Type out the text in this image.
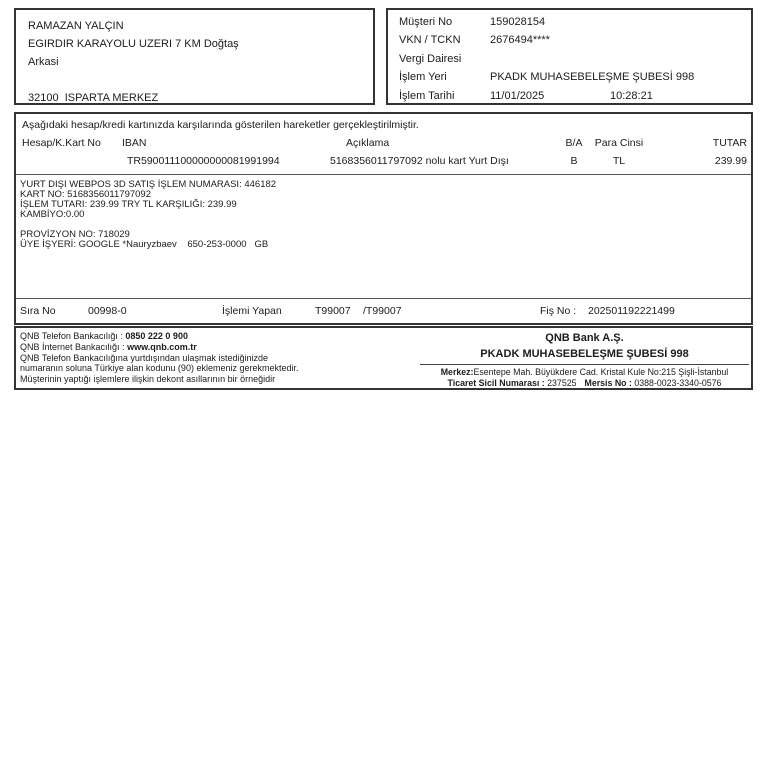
RAMAZAN YALÇIN
EGIRDIR KARAYOLU UZERI 7 KM Doğtaş
Arkasi
32100  ISPARTA MERKEZ
Müşteri No	159028154
VKN / TCKN	2676494****
Vergi Dairesi
İşlem Yeri	PKADK MUHASEBELEŞME ŞUBESİ 998
İşlem Tarihi	11/01/2025	10:28:21
Aşağıdaki hesap/kredi kartınızda karşılarında gösterilen hareketler gerçekleştirilmiştir.
Hesap/K.Kart No IBAN	Açıklama	B/A	Para Cinsi	TUTAR
TR590011100000000081991994	5168356011797092 nolu kart Yurt Dışı	B	TL	239.99
YURT DIŞI WEBPOS 3D SATIŞ İŞLEM NUMARASI: 446182
KART NO: 5168356011797092
İŞLEM TUTARI: 239.99 TRY TL KARŞILIĞI: 239.99
KAMBİYO:0.00
PROVİZYON NO: 718029
ÜYE İŞYERİ: GOOGLE *Nauryzbaev    650-253-0000   GB
Sıra No	00998-0	İşlemi Yapan	T99007 /T99007	Fiş No : 202501192221499
QNB Telefon Bankacılığı : 0850 222 0 900
QNB İnternet Bankacılığı : www.qnb.com.tr
QNB Telefon Bankacılığına yurtdışından ulaşmak istediğinizde
numaranın soluna Türkiye alan kodunu (90) eklemeniz gerekmektedir.
Müşterinin yaptığı işlemlere ilişkin dekont asıllarının bir örneğidir
QNB Bank A.Ş.
PKADK MUHASEBELEŞME ŞUBESİ 998
Merkez:Esentepe Mah. Büyükdere Cad. Kristal Kule No:215 Şişli-İstanbul
Ticaret Sicil Numarası : 237525 Mersis No : 0388-0023-3340-0576
